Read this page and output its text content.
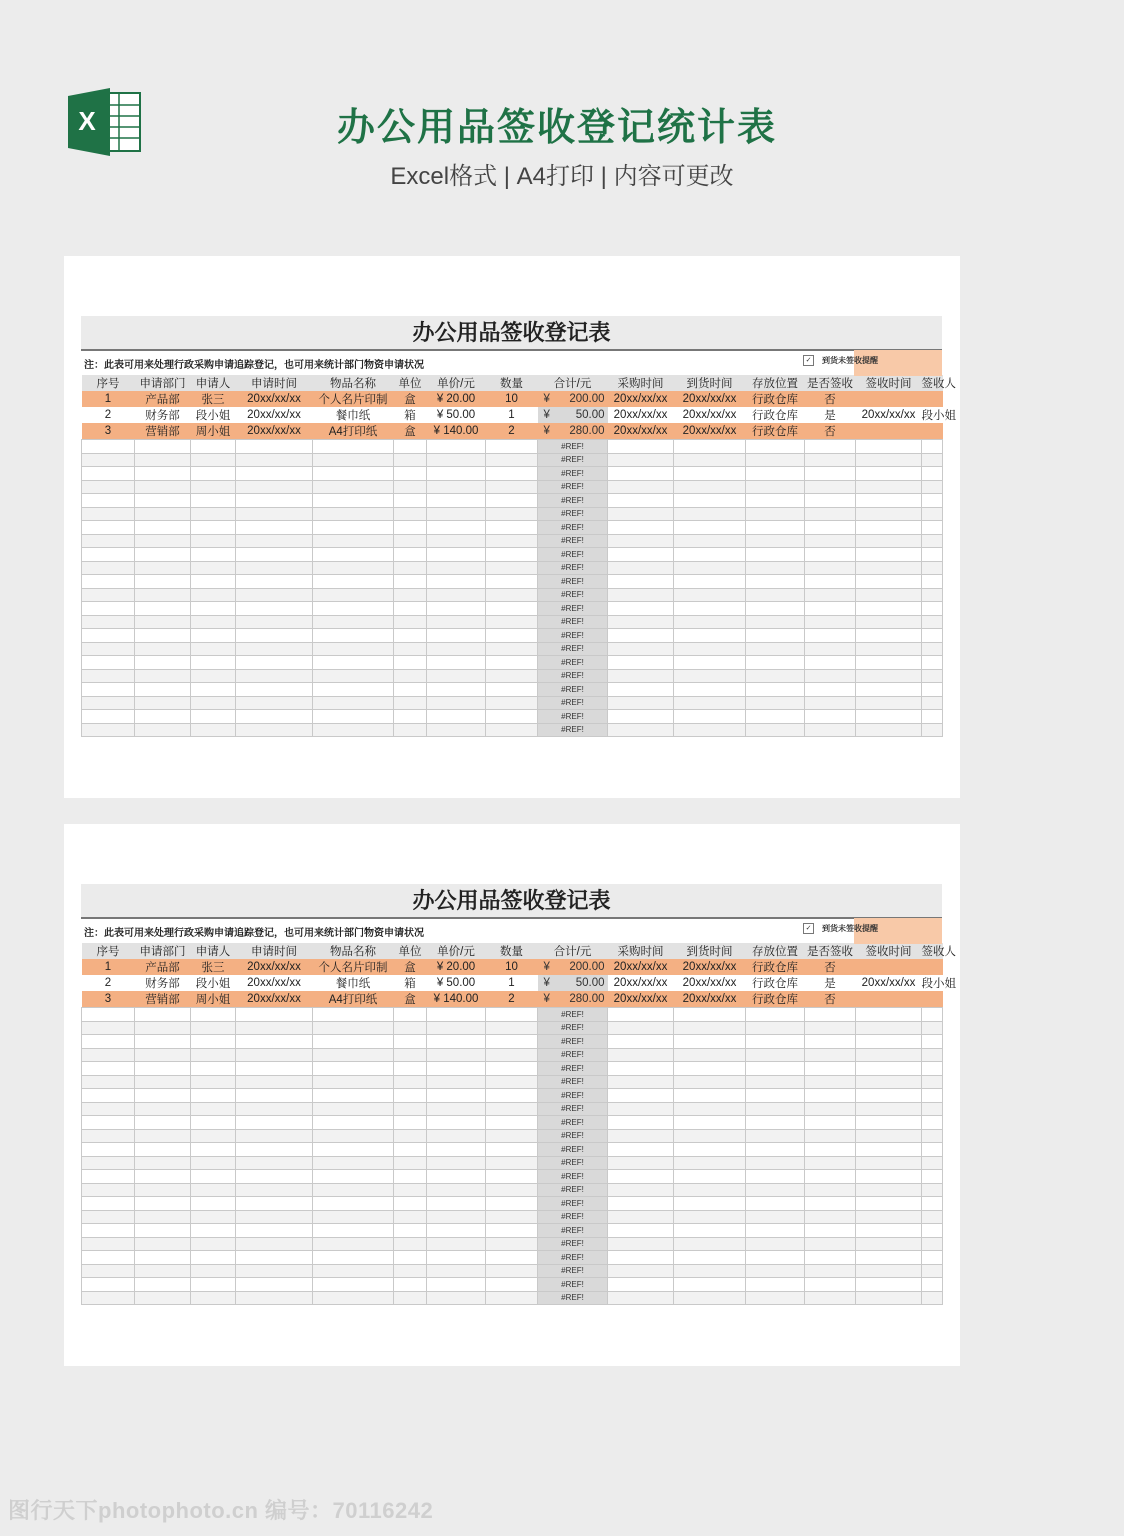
X	办公用品签收登记统计表
Excel格式 | A4打印 | 内容可更改
办公用品签收登记表
注：此表可用来处理行政采购申请追踪登记，也可用来统计部门物资申请状况	✓ 到货未签收提醒
序号	申请部门	申请人	申请时间	物品名称	单位	单价/元	数量	合计/元	采购时间	到货时间	存放位置	是否签收	签收时间	签收人
1	产品部	张三	20xx/xx/xx	个人名片印制	盒	¥ 20.00	10	¥ 200.00	20xx/xx/xx	20xx/xx/xx	行政仓库	否		
2	财务部	段小姐	20xx/xx/xx	餐巾纸	箱	¥ 50.00	1	¥ 50.00	20xx/xx/xx	20xx/xx/xx	行政仓库	是	20xx/xx/xx	段小姐
3	营销部	周小姐	20xx/xx/xx	A4打印纸	盒	¥ 140.00	2	¥ 280.00	20xx/xx/xx	20xx/xx/xx	行政仓库	否		
								#REF!						
								#REF!						
								#REF!						
								#REF!						
								#REF!						
								#REF!						
								#REF!						
								#REF!						
								#REF!						
								#REF!						
								#REF!						
								#REF!						
								#REF!						
								#REF!						
								#REF!						
								#REF!						
								#REF!						
								#REF!						
								#REF!						
								#REF!						
								#REF!						
								#REF!						
办公用品签收登记表
注：此表可用来处理行政采购申请追踪登记，也可用来统计部门物资申请状况	✓ 到货未签收提醒
序号	申请部门	申请人	申请时间	物品名称	单位	单价/元	数量	合计/元	采购时间	到货时间	存放位置	是否签收	签收时间	签收人
1	产品部	张三	20xx/xx/xx	个人名片印制	盒	¥ 20.00	10	¥ 200.00	20xx/xx/xx	20xx/xx/xx	行政仓库	否		
2	财务部	段小姐	20xx/xx/xx	餐巾纸	箱	¥ 50.00	1	¥ 50.00	20xx/xx/xx	20xx/xx/xx	行政仓库	是	20xx/xx/xx	段小姐
3	营销部	周小姐	20xx/xx/xx	A4打印纸	盒	¥ 140.00	2	¥ 280.00	20xx/xx/xx	20xx/xx/xx	行政仓库	否		
								#REF!						
								#REF!						
								#REF!						
								#REF!						
								#REF!						
								#REF!						
								#REF!						
								#REF!						
								#REF!						
								#REF!						
								#REF!						
								#REF!						
								#REF!						
								#REF!						
								#REF!						
								#REF!						
								#REF!						
								#REF!						
								#REF!						
								#REF!						
								#REF!						
								#REF!						
图行天下photophoto.cn 编号：70116242
